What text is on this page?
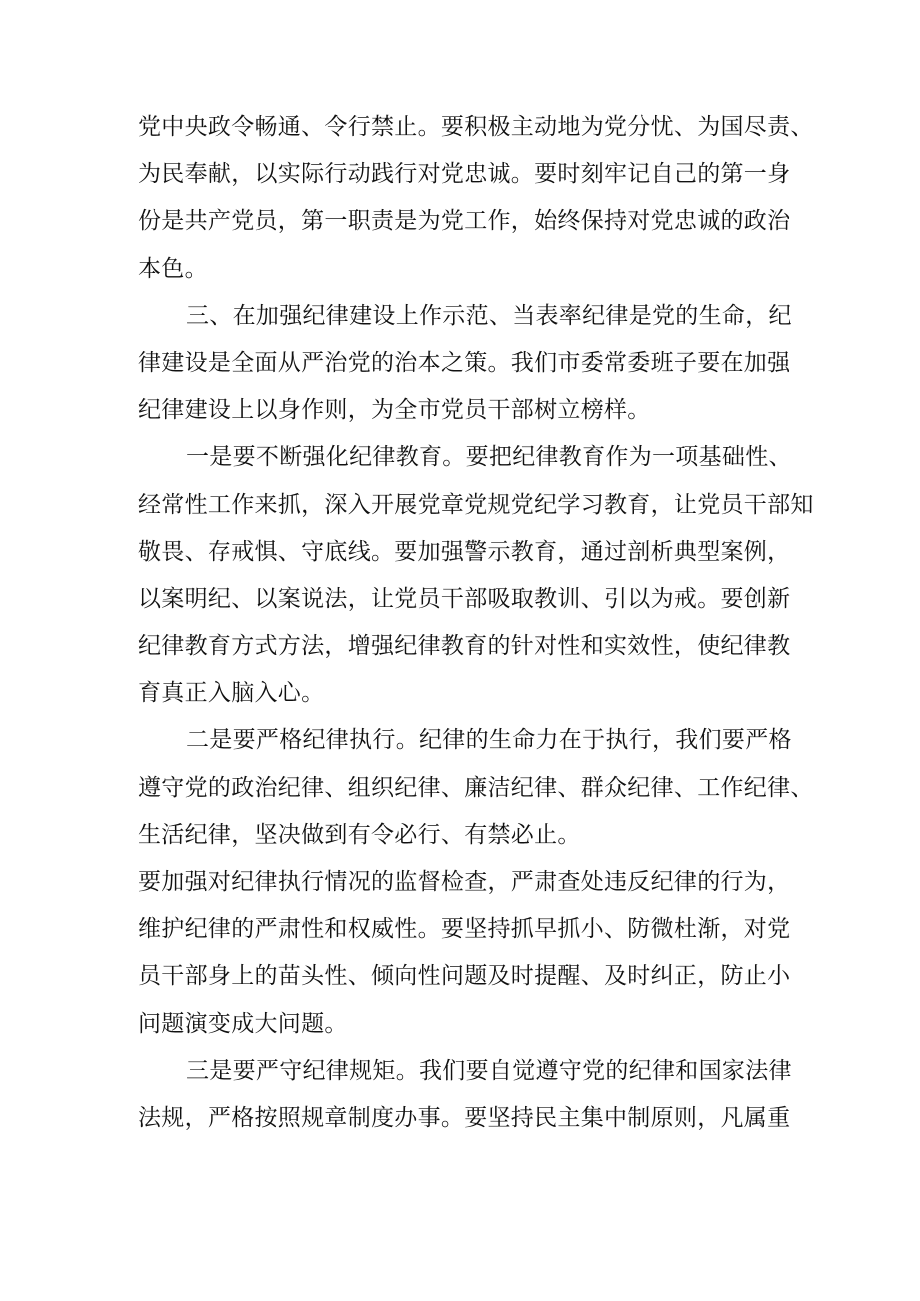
党中央政令畅通、令行禁止。要积极主动地为党分忧、为国尽责、
为民奉献，以实际行动践行对党忠诚。要时刻牢记自己的第一身
份是共产党员，第一职责是为党工作，始终保持对党忠诚的政治
本色。
三、在加强纪律建设上作示范、当表率纪律是党的生命，纪
律建设是全面从严治党的治本之策。我们市委常委班子要在加强
纪律建设上以身作则，为全市党员干部树立榜样。
一是要不断强化纪律教育。要把纪律教育作为一项基础性、
经常性工作来抓，深入开展党章党规党纪学习教育，让党员干部知
敬畏、存戒惧、守底线。要加强警示教育，通过剖析典型案例，
以案明纪、以案说法，让党员干部吸取教训、引以为戒。要创新
纪律教育方式方法，增强纪律教育的针对性和实效性，使纪律教
育真正入脑入心。
二是要严格纪律执行。纪律的生命力在于执行，我们要严格
遵守党的政治纪律、组织纪律、廉洁纪律、群众纪律、工作纪律、
生活纪律，坚决做到有令必行、有禁必止。
要加强对纪律执行情况的监督检查，严肃查处违反纪律的行为，
维护纪律的严肃性和权威性。要坚持抓早抓小、防微杜渐，对党
员干部身上的苗头性、倾向性问题及时提醒、及时纠正，防止小
问题演变成大问题。
三是要严守纪律规矩。我们要自觉遵守党的纪律和国家法律
法规，严格按照规章制度办事。要坚持民主集中制原则，凡属重
